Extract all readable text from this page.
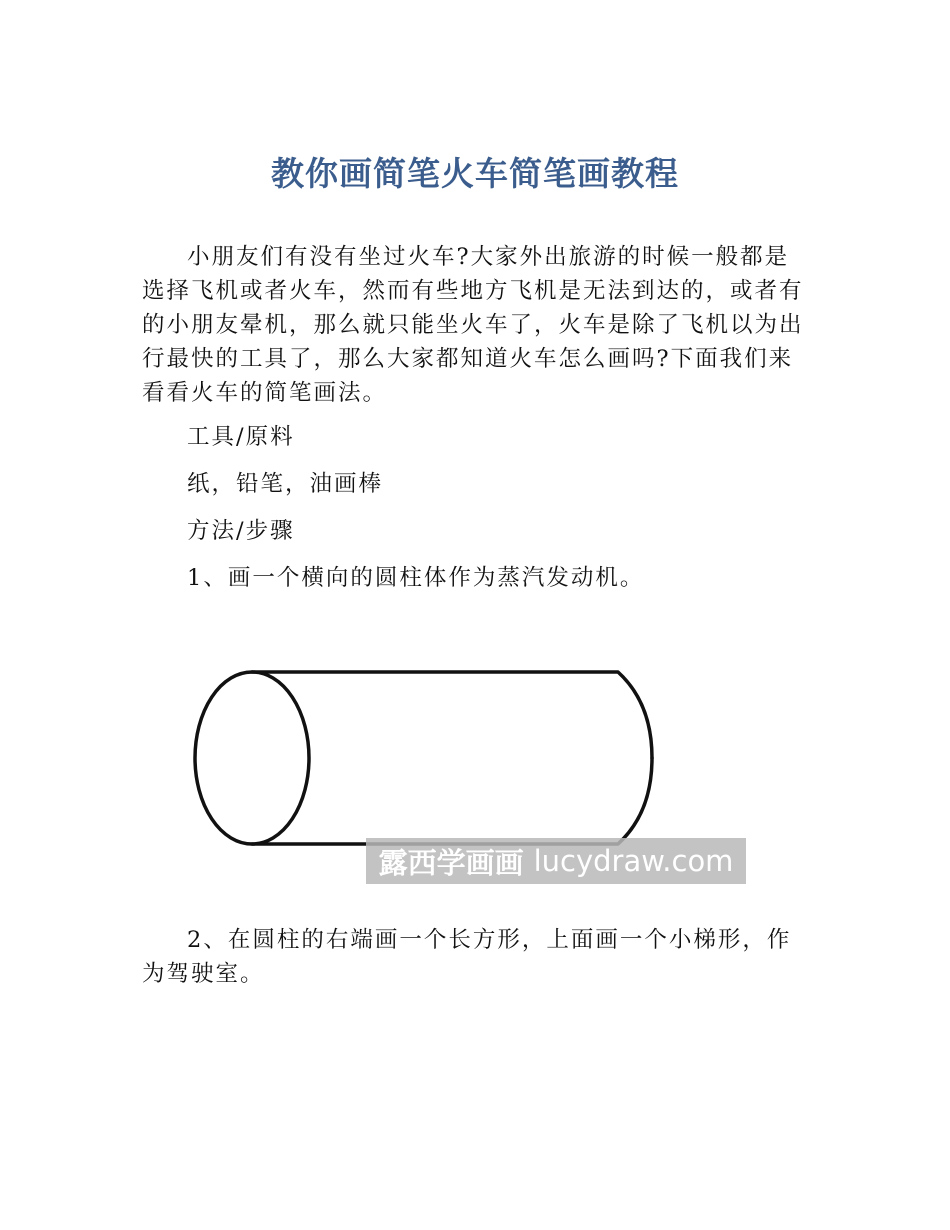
教你画简笔火车简笔画教程

小朋友们有没有坐过火车?大家外出旅游的时候一般都是选择飞机或者火车，然而有些地方飞机是无法到达的，或者有的小朋友晕机，那么就只能坐火车了，火车是除了飞机以为出行最快的工具了，那么大家都知道火车怎么画吗?下面我们来看看火车的简笔画法。

工具/原料

纸，铅笔，油画棒

方法/步骤

1、画一个横向的圆柱体作为蒸汽发动机。

露西学画画 lucydraw.com

2、在圆柱的右端画一个长方形，上面画一个小梯形，作为驾驶室。
